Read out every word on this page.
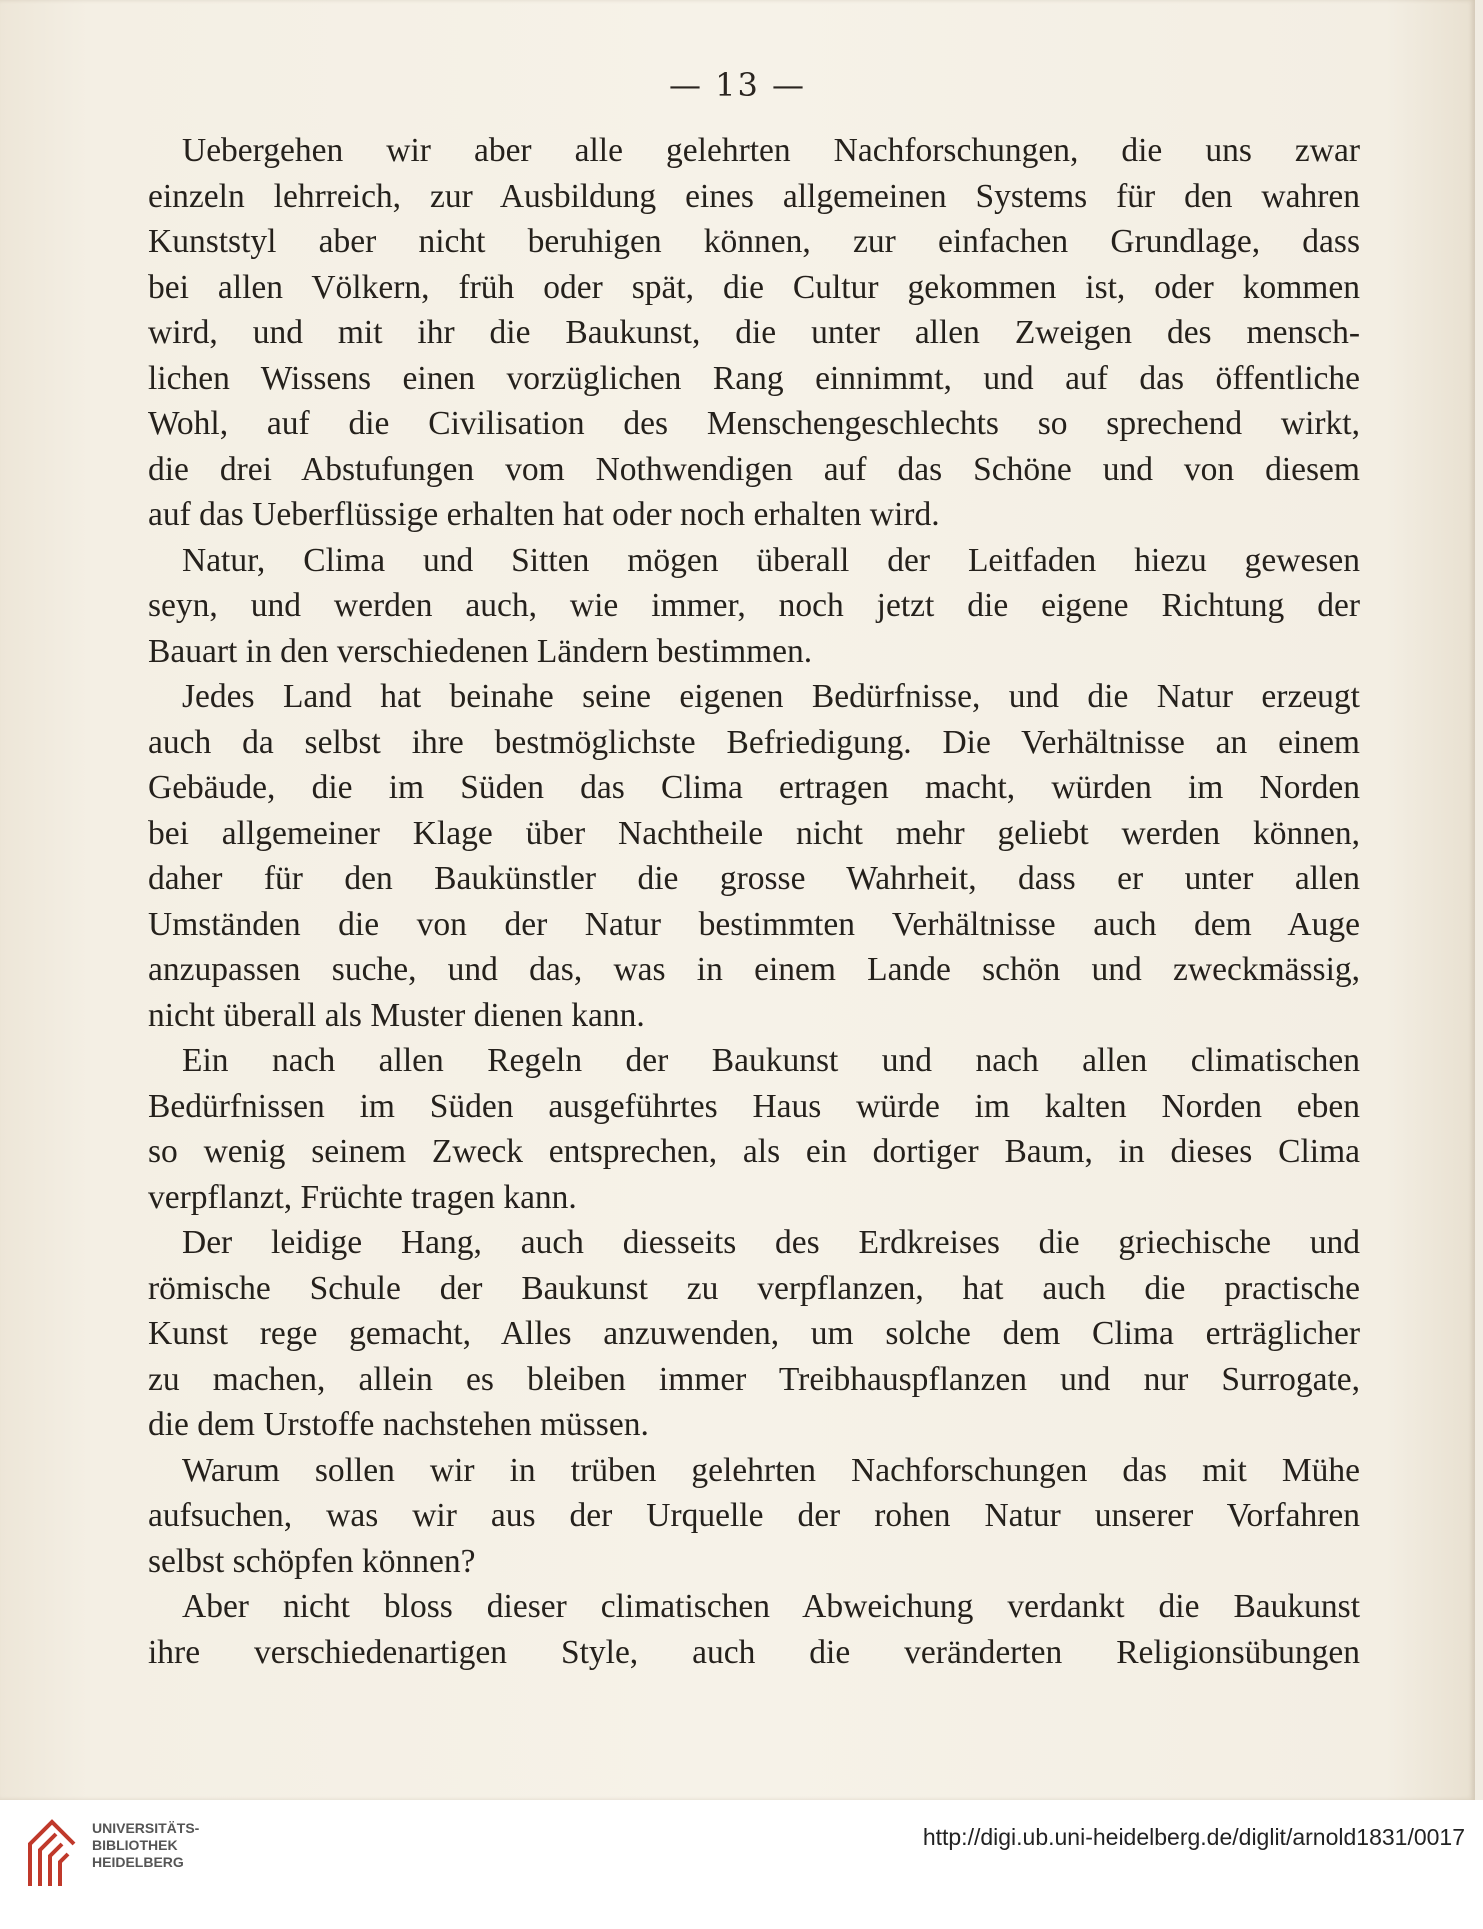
— 13 —
Uebergehen wir aber alle gelehrten Nachforschungen, die uns zwar
einzeln lehrreich, zur Ausbildung eines allgemeinen Systems für den wahren
Kunststyl aber nicht beruhigen können, zur einfachen Grundlage, dass
bei allen Völkern, früh oder spät, die Cultur gekommen ist, oder kommen
wird, und mit ihr die Baukunst, die unter allen Zweigen des mensch-
lichen Wissens einen vorzüglichen Rang einnimmt, und auf das öffentliche
Wohl, auf die Civilisation des Menschengeschlechts so sprechend wirkt,
die drei Abstufungen vom Nothwendigen auf das Schöne und von diesem
auf das Ueberflüssige erhalten hat oder noch erhalten wird.
Natur, Clima und Sitten mögen überall der Leitfaden hiezu gewesen
seyn, und werden auch, wie immer, noch jetzt die eigene Richtung der
Bauart in den verschiedenen Ländern bestimmen.
Jedes Land hat beinahe seine eigenen Bedürfnisse, und die Natur erzeugt
auch da selbst ihre bestmöglichste Befriedigung. Die Verhältnisse an einem
Gebäude, die im Süden das Clima ertragen macht, würden im Norden
bei allgemeiner Klage über Nachtheile nicht mehr geliebt werden können,
daher für den Baukünstler die grosse Wahrheit, dass er unter allen
Umständen die von der Natur bestimmten Verhältnisse auch dem Auge
anzupassen suche, und das, was in einem Lande schön und zweckmässig,
nicht überall als Muster dienen kann.
Ein nach allen Regeln der Baukunst und nach allen climatischen
Bedürfnissen im Süden ausgeführtes Haus würde im kalten Norden eben
so wenig seinem Zweck entsprechen, als ein dortiger Baum, in dieses Clima
verpflanzt, Früchte tragen kann.
Der leidige Hang, auch diesseits des Erdkreises die griechische und
römische Schule der Baukunst zu verpflanzen, hat auch die practische
Kunst rege gemacht, Alles anzuwenden, um solche dem Clima erträglicher
zu machen, allein es bleiben immer Treibhauspflanzen und nur Surrogate,
die dem Urstoffe nachstehen müssen.
Warum sollen wir in trüben gelehrten Nachforschungen das mit Mühe
aufsuchen, was wir aus der Urquelle der rohen Natur unserer Vorfahren
selbst schöpfen können?
Aber nicht bloss dieser climatischen Abweichung verdankt die Baukunst
ihre verschiedenartigen Style, auch die veränderten Religionsübungen
UNIVERSITÄTS-
BIBLIOTHEK
HEIDELBERG
http://digi.ub.uni-heidelberg.de/diglit/arnold1831/0017
